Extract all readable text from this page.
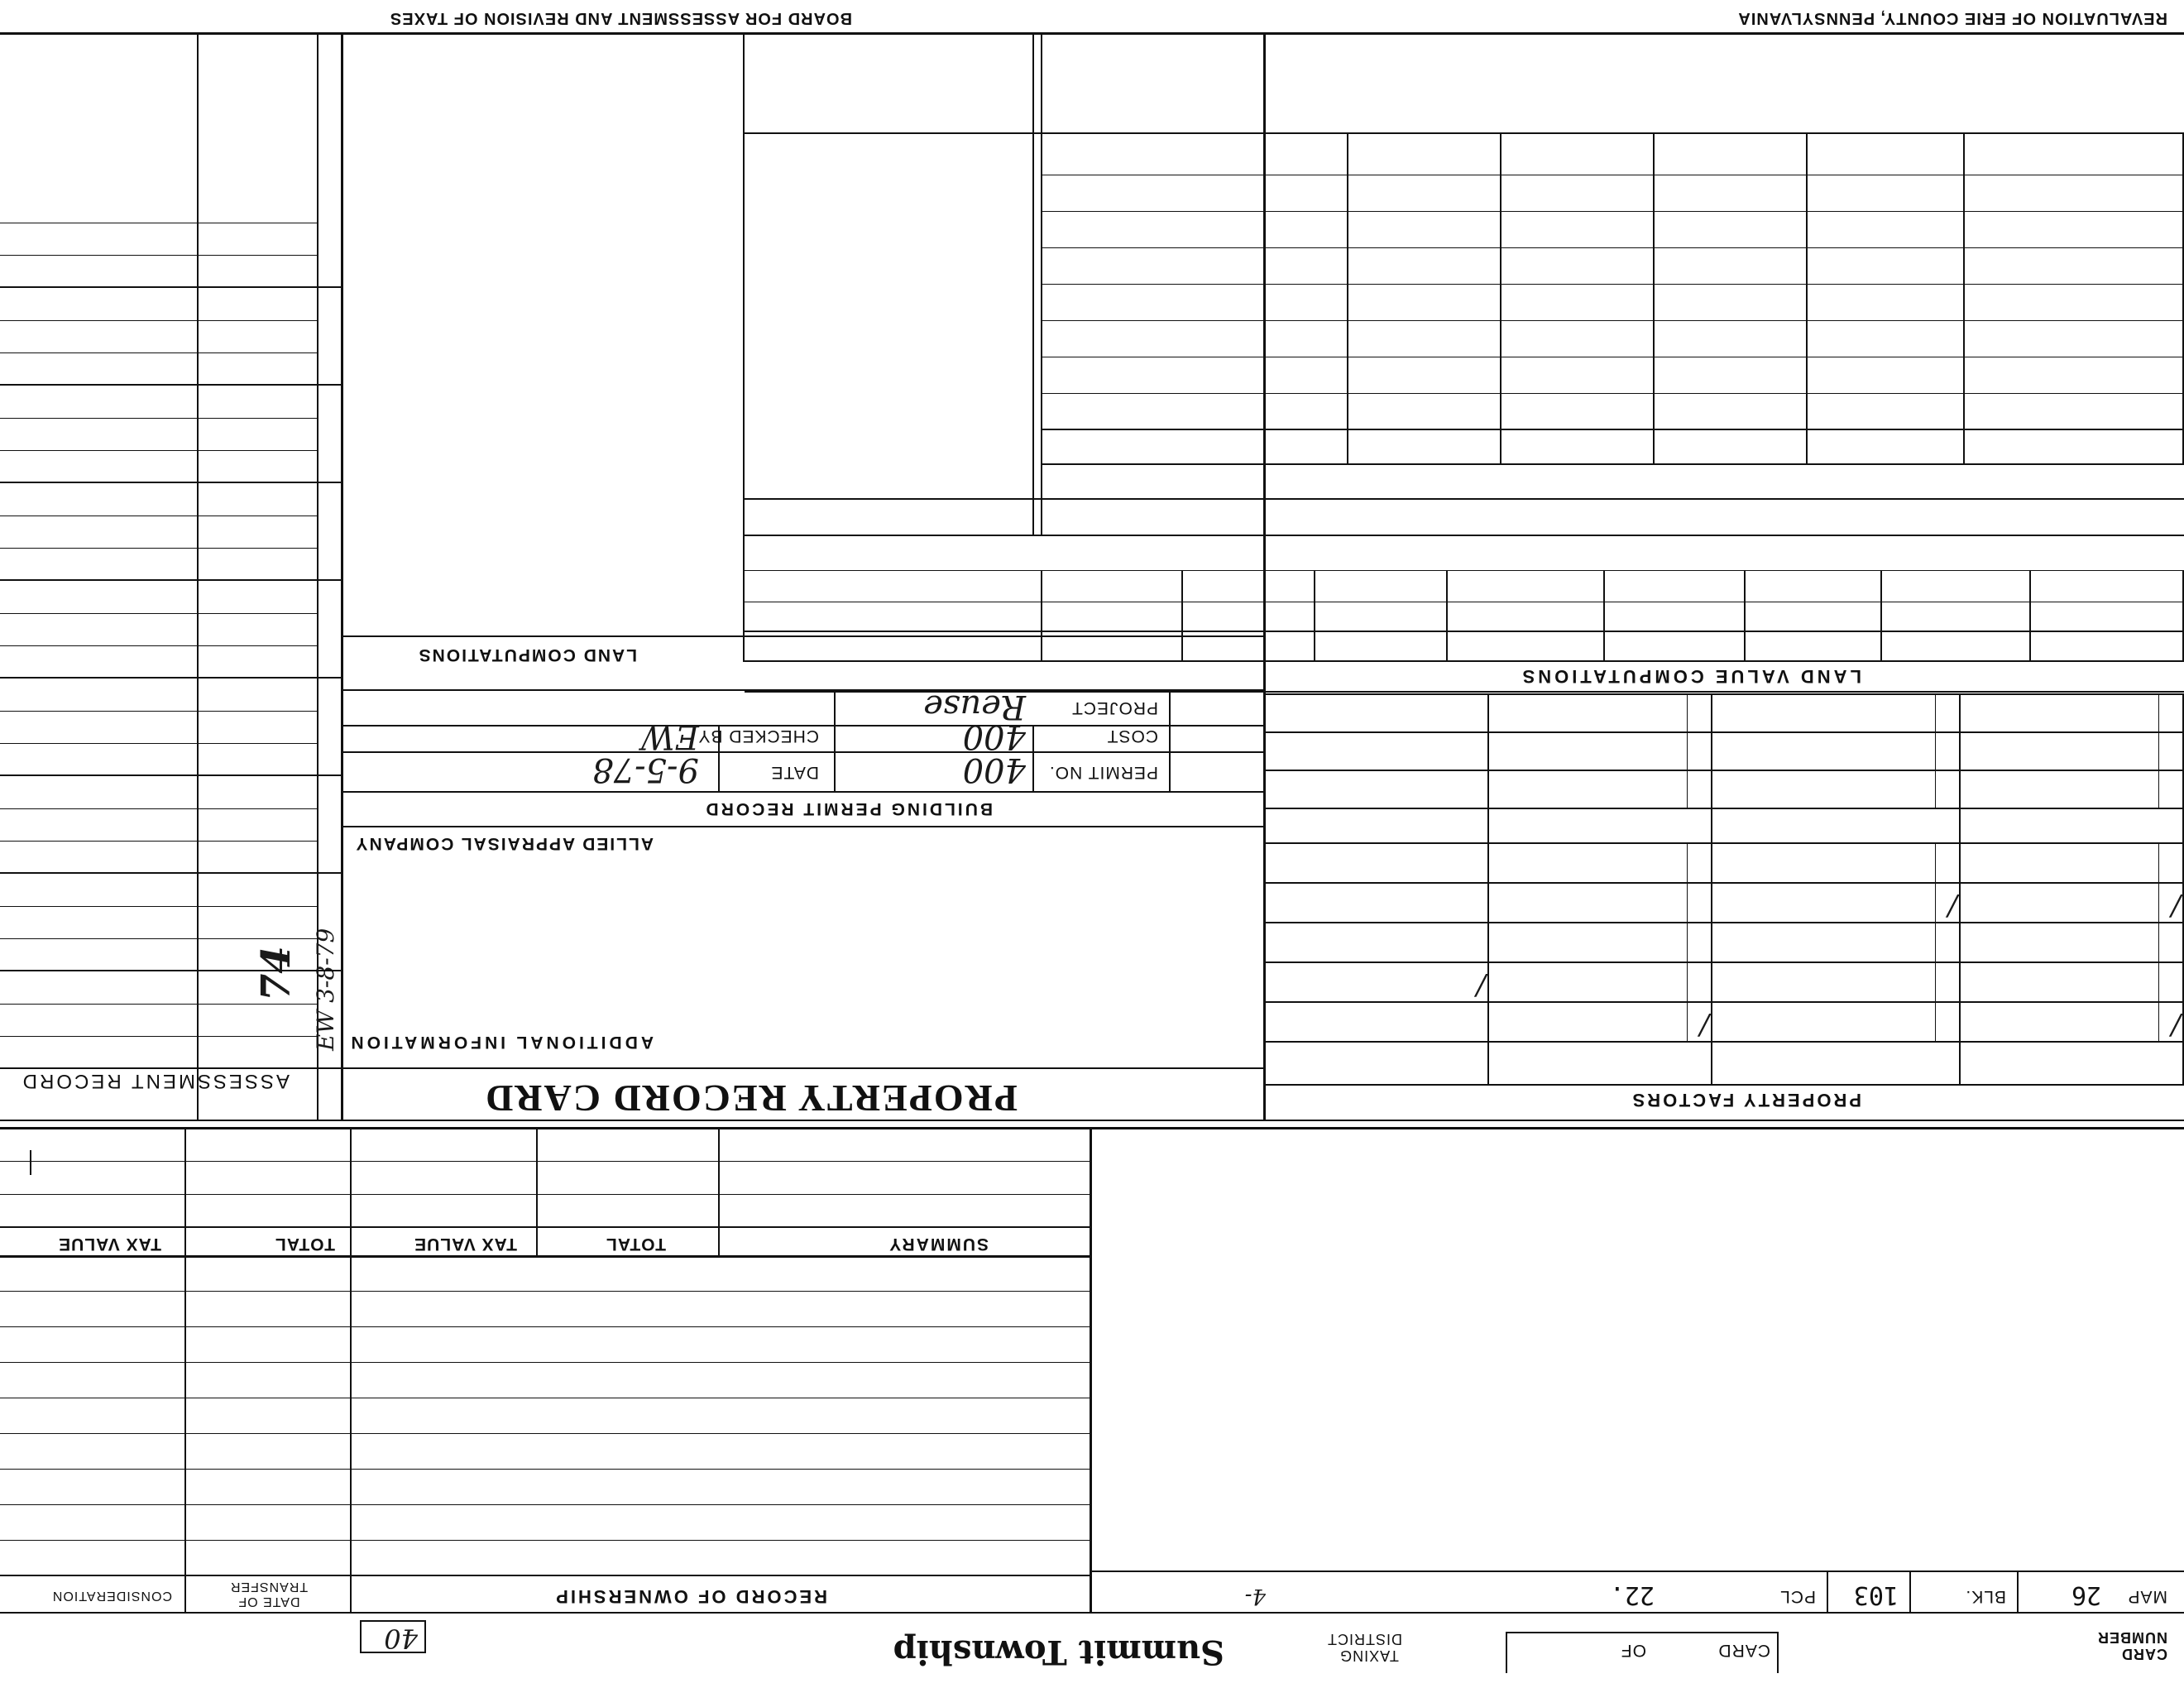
REVALUATION OF ERIE COUNTY, PENNSYLVANIA
BOARD FOR ASSESSMENT AND REVISION OF TAXES
ASSESSMENT RECORD
EW 3-8-79
74
PROPERTY RECORD CARD
ADDITIONAL INFORMATION
ALLIED APPRAISAL COMPANY
BUILDING PERMIT RECORD
PERMIT NO.
400
DATE
9-5-78
COST
400
CHECKED BY
EW
PROJECT
Reuse
LAND COMPUTATIONS
PROPERTY FACTORS
LAND VALUE COMPUTATIONS
CARD NUMBER
CARD
OF
TAXING DISTRICT
Summit Township
40
MAP
26
BLK.
103
PCL
22.
4-
RECORD OF OWNERSHIP
DATE OF TRANSFER
CONSIDERATION
SUMMARY
TOTAL
TAX VALUE
TOTAL
TAX VALUE
/
/
/
/
/
